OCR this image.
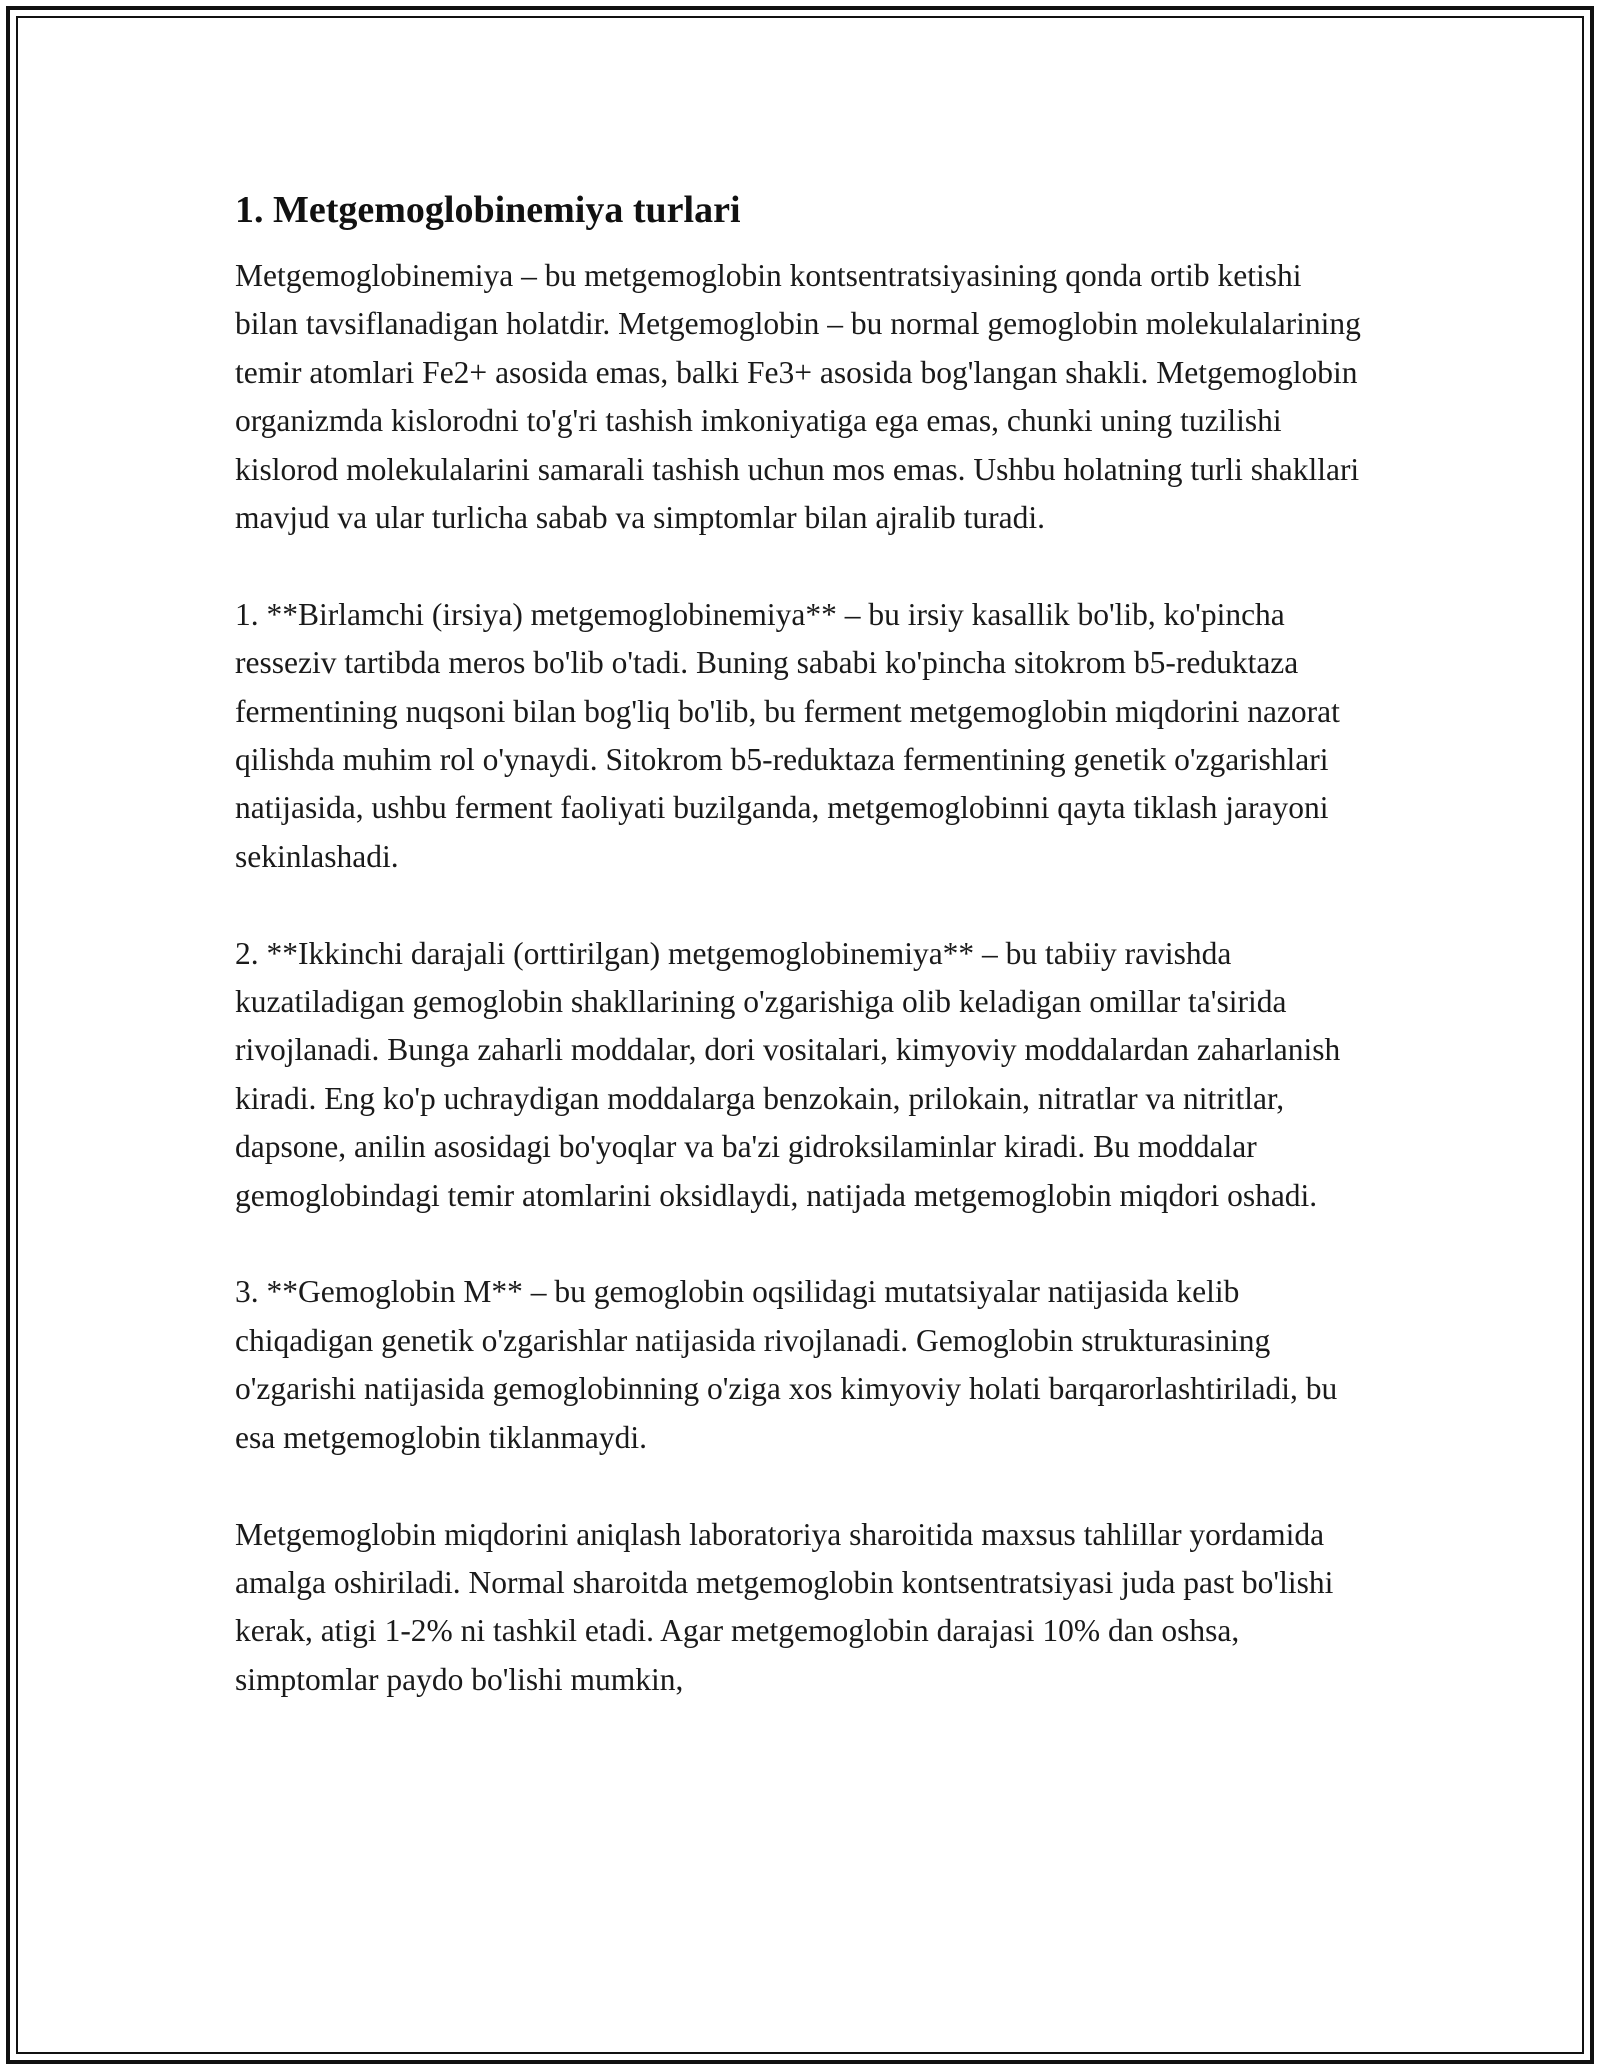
1. Metgemoglobinemiya turlari

Metgemoglobinemiya – bu metgemoglobin kontsentratsiyasining qonda ortib ketishi bilan tavsiflanadigan holatdir. Metgemoglobin – bu normal gemoglobin molekulalarining temir atomlari Fe2+ asosida emas, balki Fe3+ asosida bog'langan shakli. Metgemoglobin organizmda kislorodni to'g'ri tashish imkoniyatiga ega emas, chunki uning tuzilishi kislorod molekulalarini samarali tashish uchun mos emas. Ushbu holatning turli shakllari mavjud va ular turlicha sabab va simptomlar bilan ajralib turadi.

1. **Birlamchi (irsiya) metgemoglobinemiya** – bu irsiy kasallik bo'lib, ko'pincha resseziv tartibda meros bo'lib o'tadi. Buning sababi ko'pincha sitokrom b5-reduktaza fermentining nuqsoni bilan bog'liq bo'lib, bu ferment metgemoglobin miqdorini nazorat qilishda muhim rol o'ynaydi. Sitokrom b5-reduktaza fermentining genetik o'zgarishlari natijasida, ushbu ferment faoliyati buzilganda, metgemoglobinni qayta tiklash jarayoni sekinlashadi.

2. **Ikkinchi darajali (orttirilgan) metgemoglobinemiya** – bu tabiiy ravishda kuzatiladigan gemoglobin shakllarining o'zgarishiga olib keladigan omillar ta'sirida rivojlanadi. Bunga zaharli moddalar, dori vositalari, kimyoviy moddalardan zaharlanish kiradi. Eng ko'p uchraydigan moddalarga benzokain, prilokain, nitratlar va nitritlar, dapsone, anilin asosidagi bo'yoqlar va ba'zi gidroksilaminlar kiradi. Bu moddalar gemoglobindagi temir atomlarini oksidlaydi, natijada metgemoglobin miqdori oshadi.

3. **Gemoglobin M** – bu gemoglobin oqsilidagi mutatsiyalar natijasida kelib chiqadigan genetik o'zgarishlar natijasida rivojlanadi. Gemoglobin strukturasining o'zgarishi natijasida gemoglobinning o'ziga xos kimyoviy holati barqarorlashtiriladi, bu esa metgemoglobin tiklanmaydi.

Metgemoglobin miqdorini aniqlash laboratoriya sharoitida maxsus tahlillar yordamida amalga oshiriladi. Normal sharoitda metgemoglobin kontsentratsiyasi juda past bo'lishi kerak, atigi 1-2% ni tashkil etadi. Agar metgemoglobin darajasi 10% dan oshsa, simptomlar paydo bo'lishi mumkin,
